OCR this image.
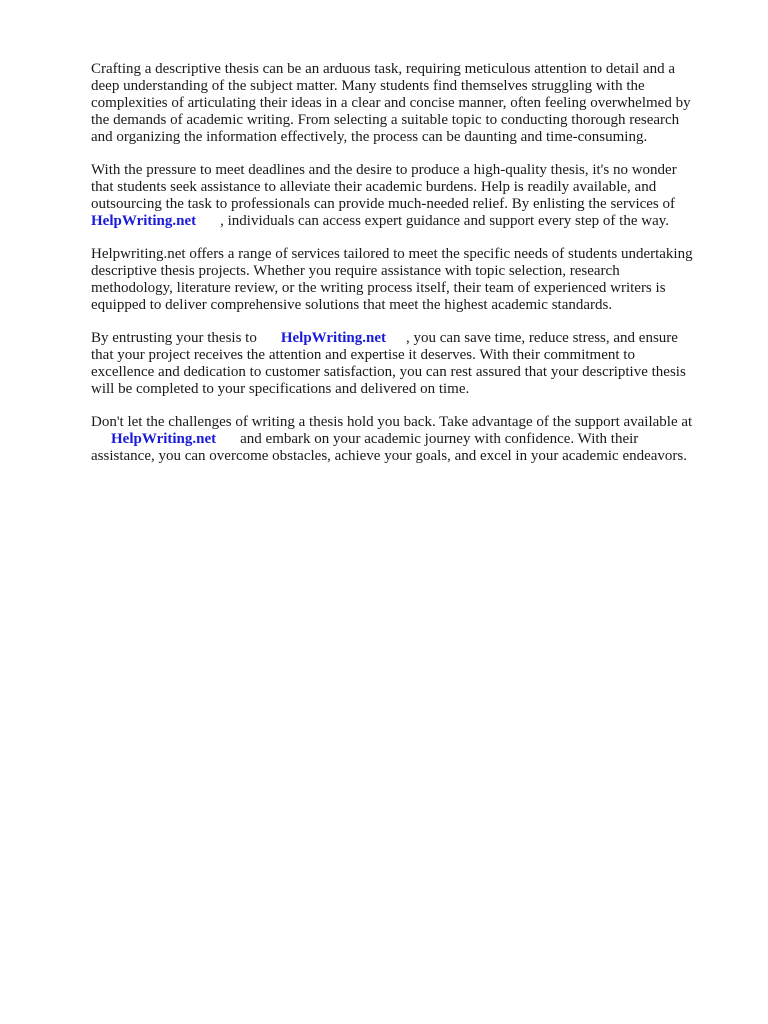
Crafting a descriptive thesis can be an arduous task, requiring meticulous attention to detail and a
deep understanding of the subject matter. Many students find themselves struggling with the
complexities of articulating their ideas in a clear and concise manner, often feeling overwhelmed by
the demands of academic writing. From selecting a suitable topic to conducting thorough research
and organizing the information effectively, the process can be daunting and time-consuming.

With the pressure to meet deadlines and the desire to produce a high-quality thesis, it's no wonder
that students seek assistance to alleviate their academic burdens. Help is readily available, and
outsourcing the task to professionals can provide much-needed relief. By enlisting the services of
HelpWriting.net , individuals can access expert guidance and support every step of the way.

Helpwriting.net offers a range of services tailored to meet the specific needs of students undertaking
descriptive thesis projects. Whether you require assistance with topic selection, research
methodology, literature review, or the writing process itself, their team of experienced writers is
equipped to deliver comprehensive solutions that meet the highest academic standards.

By entrusting your thesis to HelpWriting.net , you can save time, reduce stress, and ensure
that your project receives the attention and expertise it deserves. With their commitment to
excellence and dedication to customer satisfaction, you can rest assured that your descriptive thesis
will be completed to your specifications and delivered on time.

Don't let the challenges of writing a thesis hold you back. Take advantage of the support available at
HelpWriting.net and embark on your academic journey with confidence. With their
assistance, you can overcome obstacles, achieve your goals, and excel in your academic endeavors.
